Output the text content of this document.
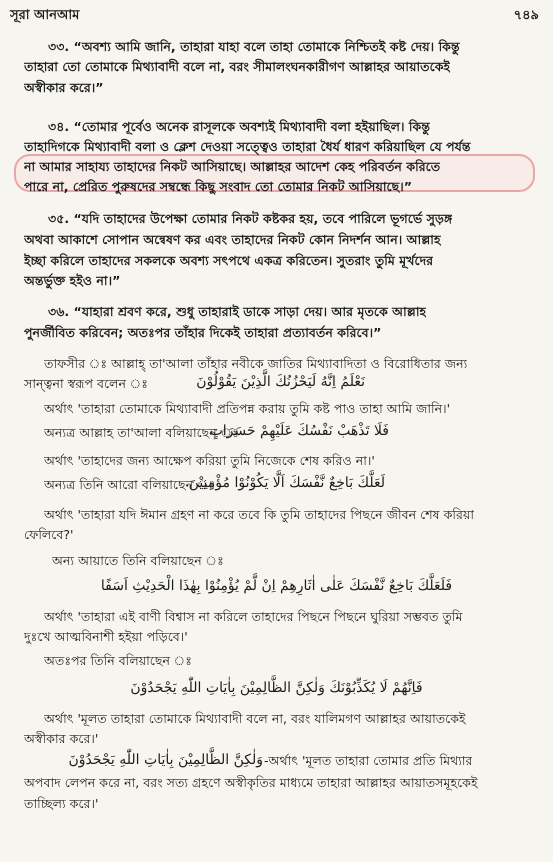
সূরা আনআম	৭৪৯
৩৩. “অবশ্য আমি জানি, তাহারা যাহা বলে তাহা তোমাকে নিশ্চিতই কষ্ট দেয়। কিন্তু
তাহারা তো তোমাকে মিথ্যাবাদী বলে না, বরং সীমালংঘনকারীগণ আল্লাহর আয়াতকেই
অস্বীকার করে।”
৩৪. “তোমার পূর্বেও অনেক রাসূলকে অবশ্যই মিথ্যাবাদী বলা হইয়াছিল। কিন্তু
তাহাদিগকে মিথ্যাবাদী বলা ও ক্লেশ দেওয়া সত্ত্বেও তাহারা ধৈর্য ধারণ করিয়াছিল যে পর্যন্ত
না আমার সাহায্য তাহাদের নিকট আসিয়াছে। আল্লাহর আদেশ কেহ পরিবর্তন করিতে
পারে না, প্রেরিত পুরুষদের সম্বন্ধে কিছু সংবাদ তো তোমার নিকট আসিয়াছে।”
৩৫. “যদি তাহাদের উপেক্ষা তোমার নিকট কষ্টকর হয়, তবে পারিলে ভূগর্ভে সুড়ঙ্গ
অথবা আকাশে সোপান অন্বেষণ কর এবং তাহাদের নিকট কোন নিদর্শন আন। আল্লাহ
ইচ্ছা করিলে তাহাদের সকলকে অবশ্য সৎপথে একত্র করিতেন। সুতরাং তুমি মূর্খদের
অন্তর্ভুক্ত হইও না।”
৩৬. “যাহারা শ্রবণ করে, শুধু তাহারাই ডাকে সাড়া দেয়। আর মৃতকে আল্লাহ
পুনর্জীবিত করিবেন; অতঃপর তাঁহার দিকেই তাহারা প্রত্যাবর্তন করিবে।”
তাফসীর ঃ আল্লাহ্ তা'আলা তাঁহার নবীকে জাতির মিথ্যাবাদিতা ও বিরোধিতার জন্য
সান্ত্বনা স্বরূপ বলেন ঃ	نَعْلَمُ اِنَّهُ لَيَحْزُنُكَ الَّذِيْنَ يَقُوْلُوْنَ
অর্থাৎ 'তাহারা তোমাকে মিথ্যাবাদী প্রতিপন্ন করায় তুমি কষ্ট পাও তাহা আমি জানি।'
অন্যত্র আল্লাহ তা'আলা বলিয়াছেন ঃ
فَلَا تَذْهَبْ نَفْسُكَ عَلَيْهِمْ حَسَرَاتٍ
অর্থাৎ 'তাহাদের জন্য আক্ষেপ করিয়া তুমি নিজেকে শেষ করিও না।'
অন্যত্র তিনি আরো বলিয়াছেন ঃ
لَعَلَّكَ بَاخِعٌ نَّفْسَكَ اَلَّا يَكُوْنُوْا مُؤْمِنِيْنَ
অর্থাৎ 'তাহারা যদি ঈমান গ্রহণ না করে তবে কি তুমি তাহাদের পিছনে জীবন শেষ করিয়া
ফেলিবে?'
অন্য আয়াতে তিনি বলিয়াছেন ঃ
فَلَعَلَّكَ بَاخِعٌ نَّفْسَكَ عَلٰى اٰثَارِهِمْ اِنْ لَّمْ يُؤْمِنُوْا بِهٰذَا الْحَدِيْثِ اَسَفًا
অর্থাৎ 'তাহারা এই বাণী বিশ্বাস না করিলে তাহাদের পিছনে পিছনে ঘুরিয়া সম্ভবত তুমি
দুঃখে আত্মবিনাশী হইয়া পড়িবে।'
অতঃপর তিনি বলিয়াছেন ঃ
فَاِنَّهُمْ لَا يُكَذِّبُوْنَكَ وَلٰكِنَّ الظَّالِمِيْنَ بِاٰيَاتِ اللّٰهِ يَجْحَدُوْنَ
অর্থাৎ 'মূলত তাহারা তোমাকে মিথ্যাবাদী বলে না, বরং যালিমগণ আল্লাহর আয়াতকেই
অস্বীকার করে।'
وَلٰكِنَّ الظَّالِمِيْنَ بِاٰيَاتِ اللّٰهِ يَجْحَدُوْنَ -অর্থাৎ 'মূলত তাহারা তোমার প্রতি মিথ্যার
অপবাদ লেপন করে না, বরং সত্য গ্রহণে অস্বীকৃতির মাধ্যমে তাহারা আল্লাহর আয়াতসমূহকেই
তাচ্ছিল্য করে।'
